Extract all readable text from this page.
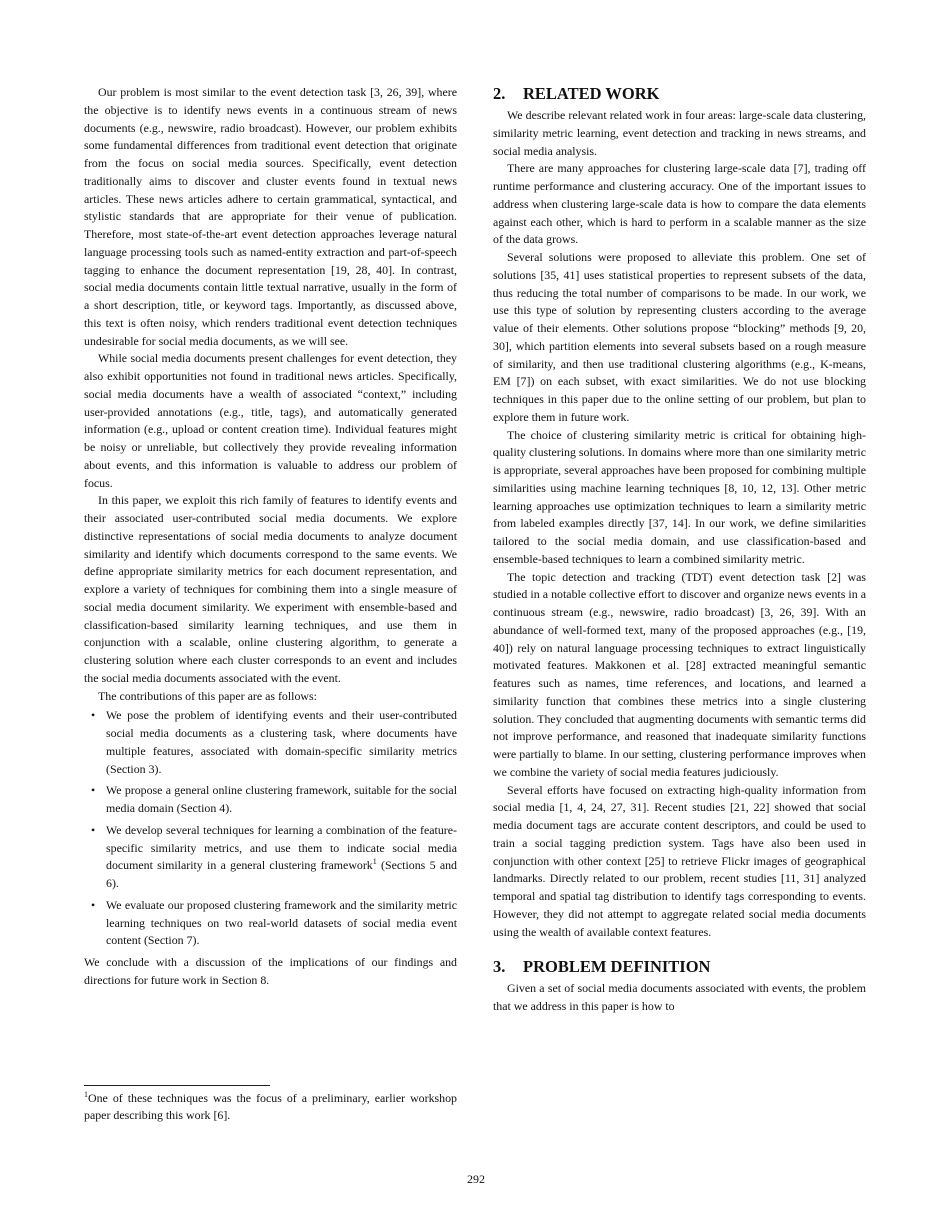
Our problem is most similar to the event detection task [3, 26, 39], where the objective is to identify news events in a continuous stream of news documents (e.g., newswire, radio broadcast). However, our problem exhibits some fundamental differences from traditional event detection that originate from the focus on social media sources. Specifically, event detection traditionally aims to discover and cluster events found in textual news articles. These news articles adhere to certain grammatical, syntactical, and stylistic standards that are appropriate for their venue of publication. Therefore, most state-of-the-art event detection approaches leverage natural language processing tools such as named-entity extraction and part-of-speech tagging to enhance the document representation [19, 28, 40]. In contrast, social media documents contain little textual narrative, usually in the form of a short description, title, or keyword tags. Importantly, as discussed above, this text is often noisy, which renders traditional event detection techniques undesirable for social media documents, as we will see.

While social media documents present challenges for event detection, they also exhibit opportunities not found in traditional news articles. Specifically, social media documents have a wealth of associated “context,” including user-provided annotations (e.g., title, tags), and automatically generated information (e.g., upload or content creation time). Individual features might be noisy or unreliable, but collectively they provide revealing information about events, and this information is valuable to address our problem of focus.

In this paper, we exploit this rich family of features to identify events and their associated user-contributed social media documents. We explore distinctive representations of social media documents to analyze document similarity and identify which documents correspond to the same events. We define appropriate similarity metrics for each document representation, and explore a variety of techniques for combining them into a single measure of social media document similarity. We experiment with ensemble-based and classification-based similarity learning techniques, and use them in conjunction with a scalable, online clustering algorithm, to generate a clustering solution where each cluster corresponds to an event and includes the social media documents associated with the event.

The contributions of this paper are as follows:

• We pose the problem of identifying events and their user-contributed social media documents as a clustering task, where documents have multiple features, associated with domain-specific similarity metrics (Section 3).
• We propose a general online clustering framework, suitable for the social media domain (Section 4).
• We develop several techniques for learning a combination of the feature-specific similarity metrics, and use them to indicate social media document similarity in a general clustering framework$^1$ (Sections 5 and 6).
• We evaluate our proposed clustering framework and the similarity metric learning techniques on two real-world datasets of social media event content (Section 7).

We conclude with a discussion of the implications of our findings and directions for future work in Section 8.

$^1$One of these techniques was the focus of a preliminary, earlier workshop paper describing this work [6].
2. RELATED WORK

We describe relevant related work in four areas: large-scale data clustering, similarity metric learning, event detection and tracking in news streams, and social media analysis.

There are many approaches for clustering large-scale data [7], trading off runtime performance and clustering accuracy. One of the important issues to address when clustering large-scale data is how to compare the data elements against each other, which is hard to perform in a scalable manner as the size of the data grows.

Several solutions were proposed to alleviate this problem. One set of solutions [35, 41] uses statistical properties to represent subsets of the data, thus reducing the total number of comparisons to be made. In our work, we use this type of solution by representing clusters according to the average value of their elements. Other solutions propose “blocking” methods [9, 20, 30], which partition elements into several subsets based on a rough measure of similarity, and then use traditional clustering algorithms (e.g., K-means, EM [7]) on each subset, with exact similarities. We do not use blocking techniques in this paper due to the online setting of our problem, but plan to explore them in future work.

The choice of clustering similarity metric is critical for obtaining high-quality clustering solutions. In domains where more than one similarity metric is appropriate, several approaches have been proposed for combining multiple similarities using machine learning techniques [8, 10, 12, 13]. Other metric learning approaches use optimization techniques to learn a similarity metric from labeled examples directly [37, 14]. In our work, we define similarities tailored to the social media domain, and use classification-based and ensemble-based techniques to learn a combined similarity metric.

The topic detection and tracking (TDT) event detection task [2] was studied in a notable collective effort to discover and organize news events in a continuous stream (e.g., newswire, radio broadcast) [3, 26, 39]. With an abundance of well-formed text, many of the proposed approaches (e.g., [19, 40]) rely on natural language processing techniques to extract linguistically motivated features. Makkonen et al. [28] extracted meaningful semantic features such as names, time references, and locations, and learned a similarity function that combines these metrics into a single clustering solution. They concluded that augmenting documents with semantic terms did not improve performance, and reasoned that inadequate similarity functions were partially to blame. In our setting, clustering performance improves when we combine the variety of social media features judiciously.

Several efforts have focused on extracting high-quality information from social media [1, 4, 24, 27, 31]. Recent studies [21, 22] showed that social media document tags are accurate content descriptors, and could be used to train a social tagging prediction system. Tags have also been used in conjunction with other context [25] to retrieve Flickr images of geographical landmarks. Directly related to our problem, recent studies [11, 31] analyzed temporal and spatial tag distribution to identify tags corresponding to events. However, they did not attempt to aggregate related social media documents using the wealth of available context features.

3. PROBLEM DEFINITION

Given a set of social media documents associated with events, the problem that we address in this paper is how to

292
